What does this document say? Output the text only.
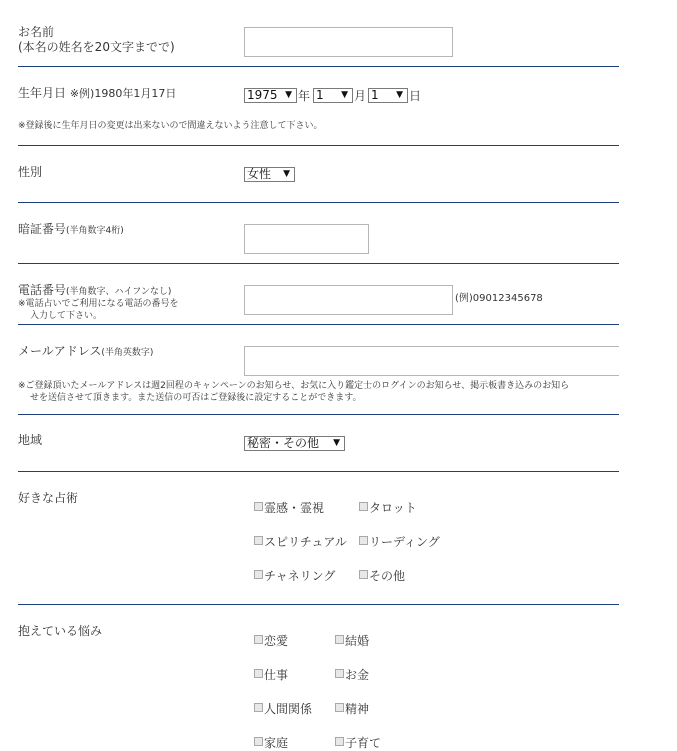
お名前
(本名の姓名を20文字までで)
生年月日 ※例)1980年1月17日	1975 ▼ 年 1 ▼ 月 1 ▼ 日
※登録後に生年月日の変更は出来ないので間違えないよう注意して下さい。
性別	女性 ▼
暗証番号(半角数字4桁)
電話番号(半角数字、ハイフンなし)
※電話占いでご利用になる電話の番号を
入力して下さい。
(例)09012345678
メールアドレス(半角英数字)
※ご登録頂いたメールアドレスは週2回程のキャンペーンのお知らせ、お気に入り鑑定士のログインのお知らせ、掲示板書き込みのお知ら
せを送信させて頂きます。また送信の可否はご登録後に設定することができます。
地域	秘密・その他 ▼
好きな占術
霊感・霊視	タロット
スピリチュアル リーディング
チャネリング	その他
抱えている悩み
恋愛	結婚
仕事	お金
人間関係	精神
家庭	子育て
